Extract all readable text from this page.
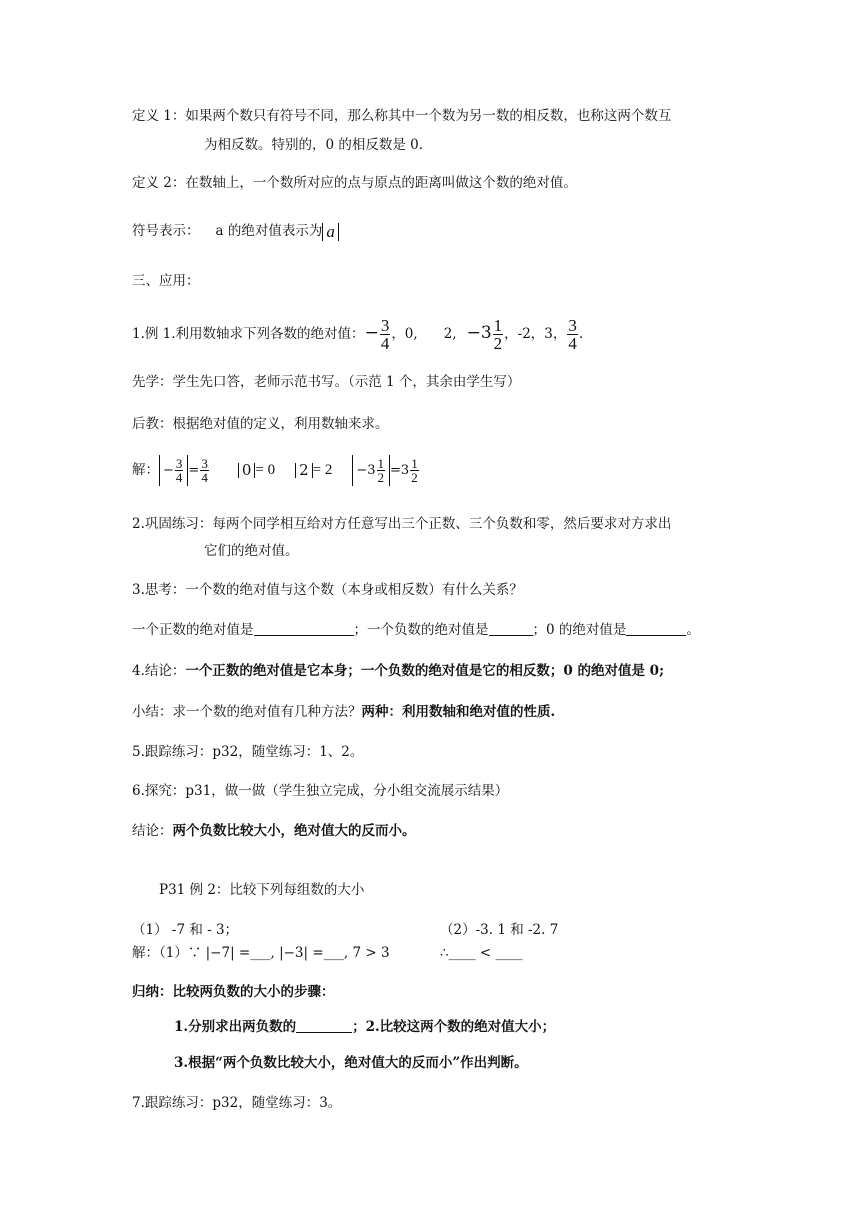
定义 1：如果两个数只有符号不同，那么称其中一个数为另一数的相反数，也称这两个数互
为相反数。特别的，0 的相反数是 0.
定义 2：在数轴上，一个数所对应的点与原点的距离叫做这个数的绝对值。
符号表示： a 的绝对值表示为 a
三、应用：
1.例 1.利用数轴求下列各数的绝对值：− $\frac{3}{4}$ ，0, 2, $-3 \frac{1}{2}$ ，-2，3， $\frac{3}{4}$ .
先学：学生先口答，老师示范书写。（示范 1 个，其余由学生写）
后教：根据绝对值的定义，利用数轴来求。
解： − $\frac{3}{4} = \frac{3}{4} 0 = 0$ $2 = 2 -3 \frac{1}{2} =3 \frac{1}{2}$
2.巩固练习：每两个同学相互给对方任意写出三个正数、三个负数和零，然后要求对方求出
它们的绝对值。
3.思考：一个数的绝对值与这个数（本身或相反数）有什么关系？
一个正数的绝对值是	；一个负数的绝对值是	；0 的绝对值是	。
4.结论：一个正数的绝对值是它本身；一个负数的绝对值是它的相反数；0 的绝对值是 0;
小结：求一个数的绝对值有几种方法？两种：利用数轴和绝对值的性质.
5.跟踪练习：p32，随堂练习：1、2。
6.探究：p31，做一做（学生独立完成，分小组交流展示结果）
结论：两个负数比较大小，绝对值大的反而小。
P31 例 2：比较下列每组数的大小
（1） -7 和 - 3；	（2）-3. 1 和 -2. 7
解：（1）∵ |−7| =___, |−3| =___, 7 > 3	∴____ < ____
归纳：比较两负数的大小的步骤：
1.分别求出两负数的	；2.比较这两个数的绝对值大小；
3.根据“两个负数比较大小，绝对值大的反而小”作出判断。
7.跟踪练习：p32，随堂练习：3。
